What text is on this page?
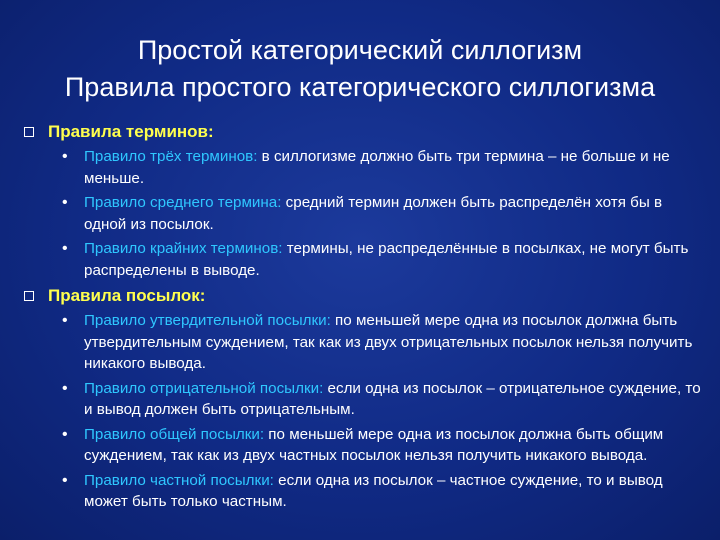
Простой категорический силлогизм
Правила простого категорического силлогизма
Правила терминов:
• Правило трёх терминов: в силлогизме должно быть три термина – не больше и не меньше.
• Правило среднего термина: средний термин должен быть распределён хотя бы в одной из посылок.
• Правило крайних терминов: термины, не распределённые в посылках, не могут быть распределены в выводе.
Правила посылок:
• Правило утвердительной посылки: по меньшей мере одна из посылок должна быть утвердительным суждением, так как из двух отрицательных посылок нельзя получить никакого вывода.
• Правило отрицательной посылки: если одна из посылок – отрицательное суждение, то и вывод должен быть отрицательным.
• Правило общей посылки: по меньшей мере одна из посылок должна быть общим суждением, так как из двух частных посылок нельзя получить никакого вывода.
• Правило частной посылки: если одна из посылок – частное суждение, то и вывод может быть только частным.
